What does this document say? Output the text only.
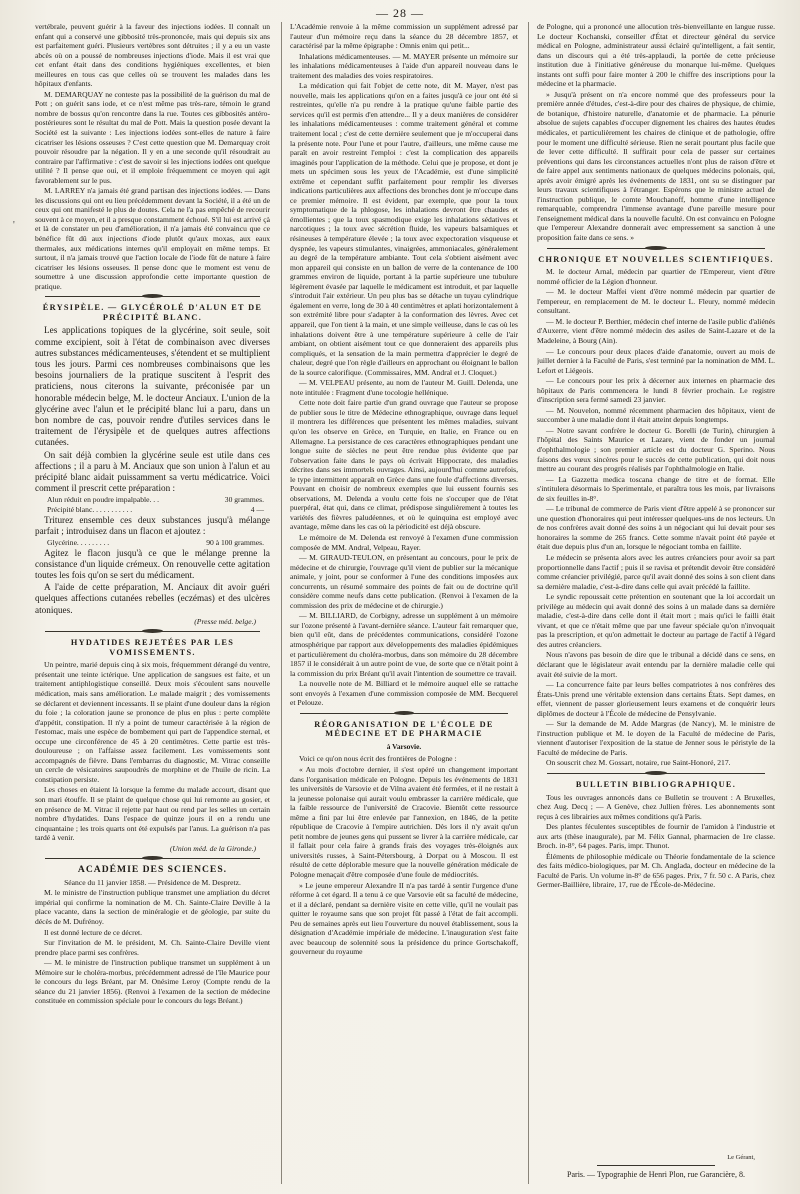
— 28 —
'

vertébrale, peuvent guérir à la faveur des injections iodées. Il connaît un enfant qui a conservé une gibbosité très-prononcée, mais qui depuis six ans est parfaitement guéri. Plusieurs vertèbres sont détruites ; il y a eu un vaste abcès où on a poussé de nombreuses injections d'iode. Mais il est vrai que cet enfant était dans des conditions hygiéniques excellentes, et bien meilleures en tous cas que celles où se trouvent les malades dans les hôpitaux d'enfants.

M. DEMARQUAY ne conteste pas la possibilité de la guérison du mal de Pott ; on guérit sans iode, et ce n'est même pas très-rare, témoin le grand nombre de bossus qu'on rencontre dans la rue. Toutes ces gibbosités antéro-postérieures sont le résultat du mal de Pott. Mais la question posée devant la Société est la suivante : Les injections iodées sont-elles de nature à faire cicatriser les lésions osseuses ? C'est cette question que M. Demarquay croit pouvoir résoudre par la négation. Il y en a une seconde qu'il résoudrait au contraire par l'affirmative : c'est de savoir si les injections iodées ont quelque utilité ? Il pense que oui, et il emploie fréquemment ce moyen qui agit favorablement sur le pus.

M. LARREY n'a jamais été grand partisan des injections iodées. — Dans les discussions qui ont eu lieu précédemment devant la Société, il a été un de ceux qui ont manifesté le plus de doutes. Cela ne l'a pas empêché de recourir souvent à ce moyen, et il a presque constamment échoué. S'il lui est arrivé çà et là de constater un peu d'amélioration, il n'a jamais été convaincu que ce bénéfice fût dû aux injections d'iode plutôt qu'aux moxas, aux eaux thermales, aux médications internes qu'il employait en même temps. Et surtout, il n'a jamais trouvé que l'action locale de l'iode fût de nature à faire cicatriser les lésions osseuses. Il pense donc que le moment est venu de soumettre à une discussion approfondie cette importante question de pratique.

ÉRYSIPÈLE. — GLYCÉROLÉ D'ALUN ET DE PRÉCIPITÉ BLANC.

Les applications topiques de la glycérine, soit seule, soit comme excipient, soit à l'état de combinaison avec diverses autres substances médicamenteuses, s'étendent et se multiplient tous les jours. Parmi ces nombreuses combinaisons que les besoins journaliers de la pratique suscitent à l'esprit des praticiens, nous citerons la suivante, préconisée par un honorable médecin belge, M. le docteur Anciaux. L'union de la glycérine avec l'alun et le précipité blanc lui a paru, dans un bon nombre de cas, pouvoir rendre d'utiles services dans le traitement de l'érysipèle et de quelques autres affections cutanées.

On sait déjà combien la glycérine seule est utile dans ces affections ; il a paru à M. Anciaux que son union à l'alun et au précipité blanc aidait puissamment sa vertu médicatrice. Voici comment il prescrit cette préparation :

Alun réduit en poudre impalpable. . .	30 grammes.
Précipité blanc. . . . . . . . . . .	4 —

Triturez ensemble ces deux substances jusqu'à mélange parfait ; introduisez dans un flacon et ajoutez :

Glycérine. . . . . . . . .	90 à 100 grammes.

Agitez le flacon jusqu'à ce que le mélange prenne la consistance d'un liquide crémeux. On renouvelle cette agitation toutes les fois qu'on se sert du médicament.

A l'aide de cette préparation, M. Anciaux dit avoir guéri quelques affections cutanées rebelles (eczémas) et des ulcères atoniques.

(Presse méd. belge.)
HYDATIDES REJETÉES PAR LES VOMISSEMENTS.

Un peintre, marié depuis cinq à six mois, fréquemment dérangé du ventre, présentait une teinte ictérique. Une application de sangsues est faite, et un traitement antiphlogistique conseillé. Deux mois s'écoulent sans nouvelle médication, mais sans amélioration. Le malade maigrit ; des vomissements se déclarent et deviennent incessants. Il se plaint d'une douleur dans la région du foie ; la coloration jaune se prononce de plus en plus : perte complète d'appétit, constipation. Il n'y a point de tumeur caractérisée à la région de l'estomac, mais une espèce de bombement qui part de l'appendice sternal, et occupe une circonférence de 45 à 20 centimètres. Cette partie est très-douloureuse ; on l'affaisse assez facilement. Les vomissements sont accompagnés de fièvre. Dans l'embarras du diagnostic, M. Vitrac conseille un cercle de vésicatoires saupoudrés de morphine et de l'huile de ricin. La constipation persiste.

Les choses en étaient là lorsque la femme du malade accourt, disant que son mari étouffe. Il se plaint de quelque chose qui lui remonte au gosier, et en présence de M. Vitrac il rejette par haut ou rend par les selles un certain nombre d'hydatides. Dans l'espace de quinze jours il en a rendu une cinquantaine ; les trois quarts ont été expulsés par l'anus. La guérison n'a pas tardé à venir.

(Union méd. de la Gironde.)
ACADÉMIE DES SCIENCES.

Séance du 11 janvier 1858. — Présidence de M. Despretz.

M. le ministre de l'instruction publique transmet une ampliation du décret impérial qui confirme la nomination de M. Ch. Sainte-Claire Deville à la place vacante, dans la section de minéralogie et de géologie, par suite du décès de M. Dufrénoy.

Il est donné lecture de ce décret.

Sur l'invitation de M. le président, M. Ch. Sainte-Claire Deville vient prendre place parmi ses confrères.

— M. le ministre de l'instruction publique transmet un supplément à un Mémoire sur le choléra-morbus, précédemment adressé de l'île Maurice pour le concours du legs Bréant, par M. Onésime Leroy (Compte rendu de la séance du 21 janvier 1856). (Renvoi à l'examen de la section de médecine constituée en commission spéciale pour le concours du legs Bréant.)

L'Académie renvoie à la même commission un supplément adressé par l'auteur d'un mémoire reçu dans la séance du 28 décembre 1857, et caractérisé par la même épigraphe : Omnis enim qui petit...

Inhalations médicamenteuses. — M. MAYER présente un mémoire sur les inhalations médicamenteuses à l'aide d'un appareil nouveau dans le traitement des maladies des voies respiratoires.

La médication qui fait l'objet de cette note, dit M. Mayer, n'est pas nouvelle, mais les applications qu'on en a faites jusqu'à ce jour ont été si restreintes, qu'elle n'a pu rendre à la pratique qu'une faible partie des services qu'il est permis d'en attendre... Il y a deux manières de considérer les inhalations médicamenteuses : comme traitement général et comme traitement local ; c'est de cette dernière seulement que je m'occuperai dans la présente note. Pour l'une et pour l'autre, d'ailleurs, une même cause me paraît en avoir restreint l'emploi : c'est la complication des appareils imaginés pour l'application de la méthode. Celui que je propose, et dont je mets un spécimen sous les yeux de l'Académie, est d'une simplicité extrême et cependant suffit parfaitement pour remplir les diverses indications particulières aux affections des bronches dont je m'occupe dans ce premier mémoire. Il est évident, par exemple, que pour la toux symptomatique de la phlogose, les inhalations devront être chaudes et émollientes ; que la toux spasmodique exige les inhalations sédatives et narcotiques ; la toux avec sécrétion fluide, les vapeurs balsamiques et résineuses à température élevée ; la toux avec expectoration visqueuse et dyspnée, les vapeurs stimulantes, vinaigrées, ammoniacales, généralement au degré de la température ambiante. Tout cela s'obtient aisément avec mon appareil qui consiste en un ballon de verre de la contenance de 100 grammes environ de liquide, portant à la partie supérieure une tubulure légèrement évasée par laquelle le médicament est introduit, et par laquelle s'introduit l'air extérieur. Un peu plus bas se détache un tuyau cylindrique également en verre, long de 30 à 40 centimètres et aplati horizontalement à son extrémité libre pour s'adapter à la conformation des lèvres. Avec cet appareil, que l'on tient à la main, et une simple veilleuse, dans le cas où les inhalations doivent être à une température supérieure à celle de l'air ambiant, on obtient aisément tout ce que donneraient des appareils plus compliqués, et la sensation de la main permettra d'apprécier le degré de chaleur, degré que l'on règle d'ailleurs en approchant ou éloignant le ballon de la source calorifique. (Commissaires, MM. Andral et J. Cloquet.)

— M. VELPEAU présente, au nom de l'auteur M. Guill. Delenda, une note intitulée : Fragment d'une tocologie hellénique.

Cette note doit faire partie d'un grand ouvrage que l'auteur se propose de publier sous le titre de Médecine ethnographique, ouvrage dans lequel il montrera les différences que présentent les mêmes maladies, suivant qu'on les observe en Grèce, en Turquie, en Italie, en France ou en Allemagne. La persistance de ces caractères ethnographiques pendant une longue suite de siècles ne peut être rendue plus évidente que par l'observation faite dans le pays où écrivait Hippocrate, des maladies décrites dans ses immortels ouvrages. Ainsi, aujourd'hui comme autrefois, le type intermittent apparaît en Grèce dans une foule d'affections diverses. Pouvant en choisir de nombreux exemples que lui eussent fournis ses observations, M. Delenda a voulu cette fois ne s'occuper que de l'état puerpéral, état qui, dans ce climat, prédispose singulièrement à toutes les variétés des fièvres paludéennes, et où le quinquina est employé avec avantage, même dans les cas où la périodicité est déjà obscure.

Le mémoire de M. Delenda est renvoyé à l'examen d'une commission composée de MM. Andral, Velpeau, Rayer.

— M. GIRAUD-TEULON, en présentant au concours, pour le prix de médecine et de chirurgie, l'ouvrage qu'il vient de publier sur la mécanique animale, y joint, pour se conformer à l'une des conditions imposées aux concurrents, un résumé sommaire des points de fait ou de doctrine qu'il considère comme neufs dans cette publication. (Renvoi à l'examen de la commission des prix de médecine et de chirurgie.)

— M. BILLIARD, de Corbigny, adresse un supplément à un mémoire sur l'ozone présenté à l'avant-dernière séance. L'auteur fait remarquer que, bien qu'il eût, dans de précédentes communications, considéré l'ozone atmosphérique par rapport aux développements des maladies épidémiques et particulièrement du choléra-morbus, dans son mémoire du 28 décembre 1857 il le considérait à un autre point de vue, de sorte que ce n'était point à la commission du prix Bréant qu'il avait l'intention de soumettre ce travail.

La nouvelle note de M. Billiard et le mémoire auquel elle se rattache sont envoyés à l'examen d'une commission composée de MM. Becquerel et Pelouze.

RÉORGANISATION DE L'ÉCOLE DE MÉDECINE ET DE PHARMACIE
à Varsovie.

Voici ce qu'on nous écrit des frontières de Pologne :

« Au mois d'octobre dernier, il s'est opéré un changement important dans l'organisation médicale en Pologne. Depuis les événements de 1831 les universités de Varsovie et de Vilna avaient été fermées, et il ne restait à la jeunesse polonaise qui aurait voulu embrasser la carrière médicale, que la faible ressource de l'université de Cracovie. Bientôt cette ressource même a fini par lui être enlevée par l'annexion, en 1846, de la petite république de Cracovie à l'empire autrichien. Dès lors il n'y avait qu'un petit nombre de jeunes gens qui pussent se livrer à la carrière médicale, car il fallait pour cela faire à grands frais des voyages très-éloignés aux universités russes, à Saint-Pétersbourg, à Dorpat ou à Moscou. Il est résulté de cette déplorable mesure que la nouvelle génération médicale de Pologne menaçait d'être composée d'une foule de médiocrités.

» Le jeune empereur Alexandre II n'a pas tardé à sentir l'urgence d'une réforme à cet égard. Il a tenu à ce que Varsovie eût sa faculté de médecine, et il a déclaré, pendant sa dernière visite en cette ville, qu'il ne voulait pas quitter le royaume sans que son projet fût passé à l'état de fait accompli. Peu de semaines après eut lieu l'ouverture du nouvel établissement, sous la désignation d'Académie impériale de médecine. L'inauguration s'est faite avec beaucoup de solennité sous la présidence du prince Gortschakoff, gouverneur du royaume

de Pologne, qui a prononcé une allocution très-bienveillante en langue russe. Le docteur Kochanski, conseiller d'État et directeur général du service médical en Pologne, administrateur aussi éclairé qu'intelligent, a fait sentir, dans un discours qui a été très-applaudi, la portée de cette précieuse institution due à l'initiative généreuse du monarque lui-même. Quelques instants ont suffi pour faire monter à 200 le chiffre des inscriptions pour la médecine et la pharmacie.

» Jusqu'à présent on n'a encore nommé que des professeurs pour la première année d'études, c'est-à-dire pour des chaires de physique, de chimie, de botanique, d'histoire naturelle, d'anatomie et de pharmacie. La pénurie absolue de sujets capables d'occuper dignement les chaires des hautes études médicales, et particulièrement les chaires de clinique et de pathologie, offre pour le moment une difficulté sérieuse. Rien ne serait pourtant plus facile que de lever cette difficulté. Il suffirait pour cela de passer sur certaines préventions qui dans les circonstances actuelles n'ont plus de raison d'être et de faire appel aux sentiments nationaux de quelques médecins polonais, qui, après avoir émigré après les événements de 1831, ont su se distinguer par leurs travaux scientifiques à l'étranger. Espérons que le ministre actuel de l'instruction publique, le comte Mouchanoff, homme d'une intelligence remarquable, comprendra l'immense avantage d'une pareille mesure pour l'enseignement médical dans la nouvelle faculté. On est convaincu en Pologne que l'empereur Alexandre donnerait avec empressement sa sanction à une proposition faite dans ce sens. »

CHRONIQUE ET NOUVELLES SCIENTIFIQUES.

M. le docteur Arnal, médecin par quartier de l'Empereur, vient d'être nommé officier de la Légion d'honneur.

— M. le docteur Maffei vient d'être nommé médecin par quartier de l'empereur, en remplacement de M. le docteur L. Fleury, nommé médecin consultant.

— M. le docteur P. Berthier, médecin chef interne de l'asile public d'aliénés d'Auxerre, vient d'être nommé médecin des asiles de Saint-Lazare et de la Madeleine, à Bourg (Ain).

— Le concours pour deux places d'aide d'anatomie, ouvert au mois de juillet dernier à la Faculté de Paris, s'est terminé par la nomination de MM. L. Lefort et Liégeois.

— Le concours pour les prix à décerner aux internes en pharmacie des hôpitaux de Paris commencera le lundi 8 février prochain. Le registre d'inscription sera fermé samedi 23 janvier.

— M. Nouvelon, nommé récemment pharmacien des hôpitaux, vient de succomber à une maladie dont il était atteint depuis longtemps.

— Notre savant confrère le docteur G. Borelli (de Turin), chirurgien à l'hôpital des Saints Maurice et Lazare, vient de fonder un journal d'ophthalmologie ; son premier article est du docteur G. Sperino. Nous faisons des vœux sincères pour le succès de cette publication, qui doit nous mettre au courant des progrès réalisés par l'ophthalmologie en Italie.

— La Gazzetta medica toscana change de titre et de format. Elle s'intitulera désormais lo Sperimentale, et paraîtra tous les mois, par livraisons de six feuilles in-8°.

— Le tribunal de commerce de Paris vient d'être appelé à se prononcer sur une question d'honoraires qui peut intéresser quelques-uns de nos lecteurs. Un de nos confrères avait donné des soins à un négociant qui lui devait pour ses honoraires la somme de 265 francs. Cette somme n'avait point été payée et était due depuis plus d'un an, lorsque le négociant tomba en faillite.

Le médecin se présenta alors avec les autres créanciers pour avoir sa part proportionnelle dans l'actif ; puis il se ravisa et prétendit devoir être considéré comme créancier privilégié, parce qu'il avait donné des soins à son client dans sa dernière maladie, c'est-à-dire dans celle qui avait précédé la faillite.

Le syndic repoussait cette prétention en soutenant que la loi accordait un privilège au médecin qui avait donné des soins à un malade dans sa dernière maladie, c'est-à-dire dans celle dont il était mort ; mais qu'ici le failli était vivant, et que ce n'était même que par une faveur spéciale qu'on n'invoquait pas la prescription, et qu'on admettait le docteur au partage de l'actif à l'égard des autres créanciers.

Nous n'avons pas besoin de dire que le tribunal a décidé dans ce sens, en déclarant que le législateur avait entendu par la dernière maladie celle qui avait été suivie de la mort.

— La concurrence faite par leurs belles compatriotes à nos confrères des États-Unis prend une véritable extension dans certains États. Sept dames, en effet, viennent de passer glorieusement leurs examens et de conquérir leurs diplômes de docteur à l'École de médecine de Pensylvanie.

— Sur la demande de M. Adde Margras (de Nancy), M. le ministre de l'instruction publique et M. le doyen de la Faculté de médecine de Paris, viennent d'autoriser l'exposition de la statue de Jenner sous le péristyle de la Faculté de médecine de Paris.

On souscrit chez M. Gossart, notaire, rue Saint-Honoré, 217.

BULLETIN BIBLIOGRAPHIQUE.

Tous les ouvrages annoncés dans ce Bulletin se trouvent : A Bruxelles, chez Aug. Decq ; — A Genève, chez Jullien frères. Les abonnements sont reçus à ces librairies aux mêmes conditions qu'à Paris.

Des plantes féculentes susceptibles de fournir de l'amidon à l'industrie et aux arts (thèse inaugurale), par M. Félix Gannal, pharmacien de 1re classe. Broch. in-8°, 64 pages. Paris, impr. Thunot.

Éléments de philosophie médicale ou Théorie fondamentale de la science des faits médico-biologiques, par M. Ch. Anglada, docteur en médecine de la Faculté de Paris. Un volume in-8° de 656 pages. Prix, 7 fr. 50 c. A Paris, chez Germer-Baillière, libraire, 17, rue de l'École-de-Médecine.

Le Gérant,
Paris. — Typographie de Henri Plon, rue Garancière, 8.
